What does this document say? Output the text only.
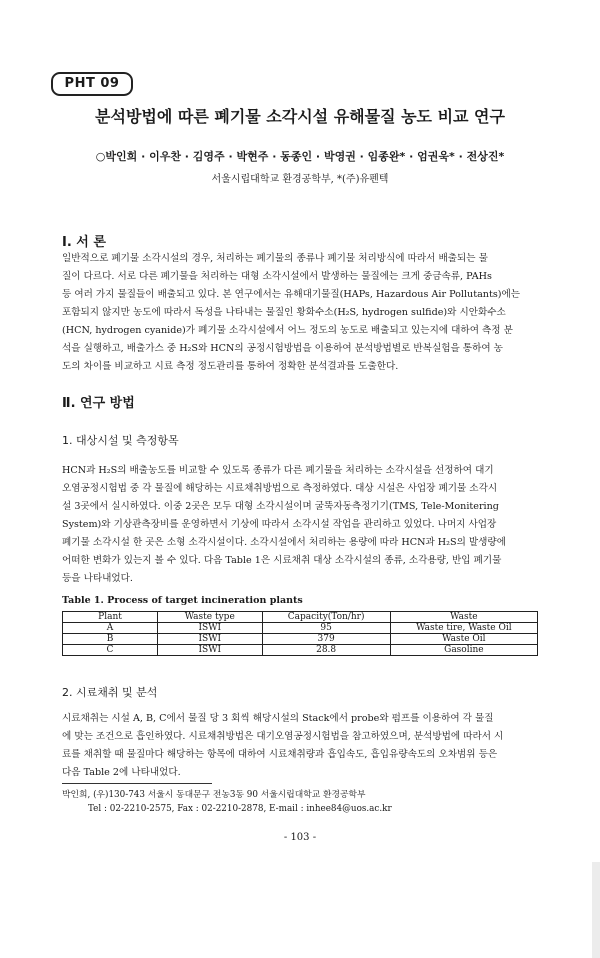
PHT 09
분석방법에 따른 폐기물 소각시설 유해물질 농도 비교 연구
○박인희 · 이우찬 · 김영주 · 박현주 · 동종인 · 박영권 · 임종완* · 엄권욱* · 전상진*
서울시립대학교 환경공학부, *(주)유펜텍
Ⅰ. 서 론
일반적으로 폐기물 소각시설의 경우, 처리하는 폐기물의 종류나 폐기물 처리방식에 따라서 배출되는 물
질이 다르다. 서로 다른 폐기물을 처리하는 대형 소각시설에서 발생하는 물질에는 크게 중금속류, PAHs
등 여러 가지 물질들이 배출되고 있다. 본 연구에서는 유해대기물질(HAPs, Hazardous Air Pollutants)에는
포함되지 않지만 농도에 따라서 독성을 나타내는 물질인 황화수소(H₂S, hydrogen sulfide)와 시안화수소
(HCN, hydrogen cyanide)가 폐기물 소각시설에서 어느 정도의 농도로 배출되고 있는지에 대하여 측정 분
석을 실행하고, 배출가스 중 H₂S와 HCN의 공정시험방법을 이용하여 분석방법별로 반복실험을 통하여 농
도의 차이를 비교하고 시료 측정 정도관리를 통하여 정확한 분석결과를 도출한다.
Ⅱ. 연구 방법
1. 대상시설 및 측정항목
HCN과 H₂S의 배출농도를 비교할 수 있도록 종류가 다른 폐기물을 처리하는 소각시설을 선정하여 대기
오염공정시험법 중 각 물질에 해당하는 시료채취방법으로 측정하였다. 대상 시설은 사업장 폐기물 소각시
설 3곳에서 실시하였다. 이중 2곳은 모두 대형 소각시설이며 굴뚝자동측정기기(TMS, Tele-Monitering
System)와 기상관측장비를 운영하면서 기상에 따라서 소각시설 작업을 관리하고 있었다. 나머지 사업장
폐기물 소각시설 한 곳은 소형 소각시설이다. 소각시설에서 처리하는 용량에 따라 HCN과 H₂S의 발생량에
어떠한 변화가 있는지 볼 수 있다. 다음 Table 1은 시료채취 대상 소각시설의 종류, 소각용량, 반입 폐기물
등을 나타내었다.
Table 1. Process of target incineration plants
Plant	Waste type	Capacity(Ton/hr)	Waste
A	ISWI	95	Waste tire, Waste Oil
B	ISWI	379	Waste Oil
C	ISWI	28.8	Gasoline
2. 시료채취 및 분석
시료채취는 시설 A, B, C에서 물질 당 3 회씩 해당시설의 Stack에서 probe와 펌프를 이용하여 각 물질
에 맞는 조건으로 흡인하였다. 시료채취방법은 대기오염공정시험법을 참고하였으며, 분석방법에 따라서 시
료를 채취할 때 물질마다 해당하는 항목에 대하여 시료채취량과 흡입속도, 흡입유량속도의 오차범위 등은
다음 Table 2에 나타내었다.
박인희, (우)130-743 서울시 동대문구 전농3동 90 서울시립대학교 환경공학부
Tel : 02-2210-2575, Fax : 02-2210-2878, E-mail : inhee84@uos.ac.kr
- 103 -
